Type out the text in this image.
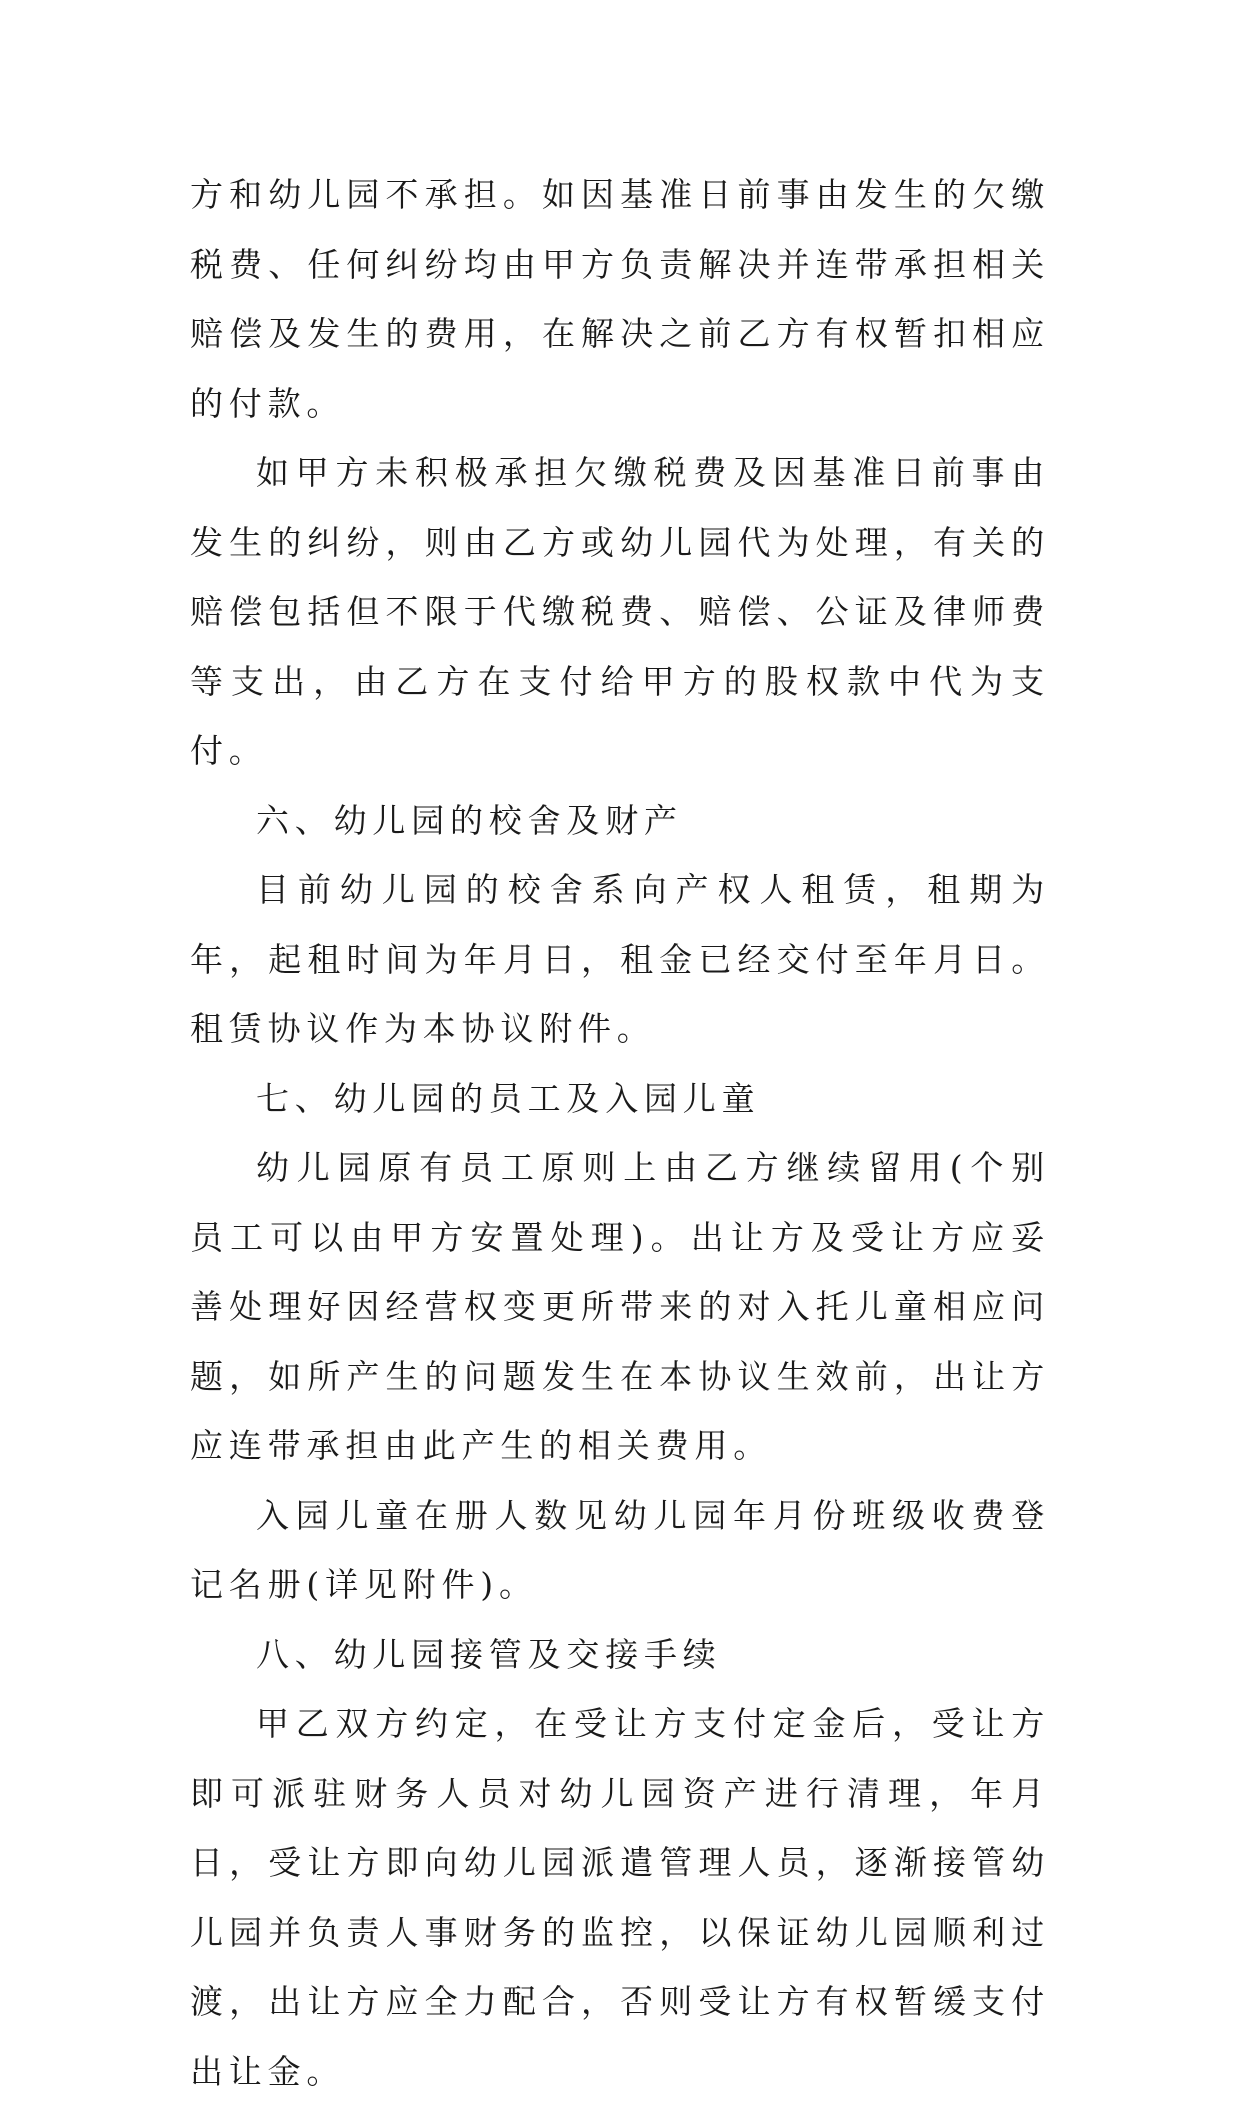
方和幼儿园不承担。如因基准日前事由发生的欠缴税费、任何纠纷均由甲方负责解决并连带承担相关赔偿及发生的费用，在解决之前乙方有权暂扣相应的付款。

如甲方未积极承担欠缴税费及因基准日前事由发生的纠纷，则由乙方或幼儿园代为处理，有关的赔偿包括但不限于代缴税费、赔偿、公证及律师费等支出，由乙方在支付给甲方的股权款中代为支付。

六、幼儿园的校舍及财产

目前幼儿园的校舍系向产权人租赁，租期为年，起租时间为年月日，租金已经交付至年月日。租赁协议作为本协议附件。

七、幼儿园的员工及入园儿童

幼儿园原有员工原则上由乙方继续留用(个别员工可以由甲方安置处理)。出让方及受让方应妥善处理好因经营权变更所带来的对入托儿童相应问题，如所产生的问题发生在本协议生效前，出让方应连带承担由此产生的相关费用。

入园儿童在册人数见幼儿园年月份班级收费登记名册(详见附件)。

八、幼儿园接管及交接手续

甲乙双方约定，在受让方支付定金后，受让方即可派驻财务人员对幼儿园资产进行清理，年月日，受让方即向幼儿园派遣管理人员，逐渐接管幼儿园并负责人事财务的监控，以保证幼儿园顺利过渡，出让方应全力配合，否则受让方有权暂缓支付出让金。
